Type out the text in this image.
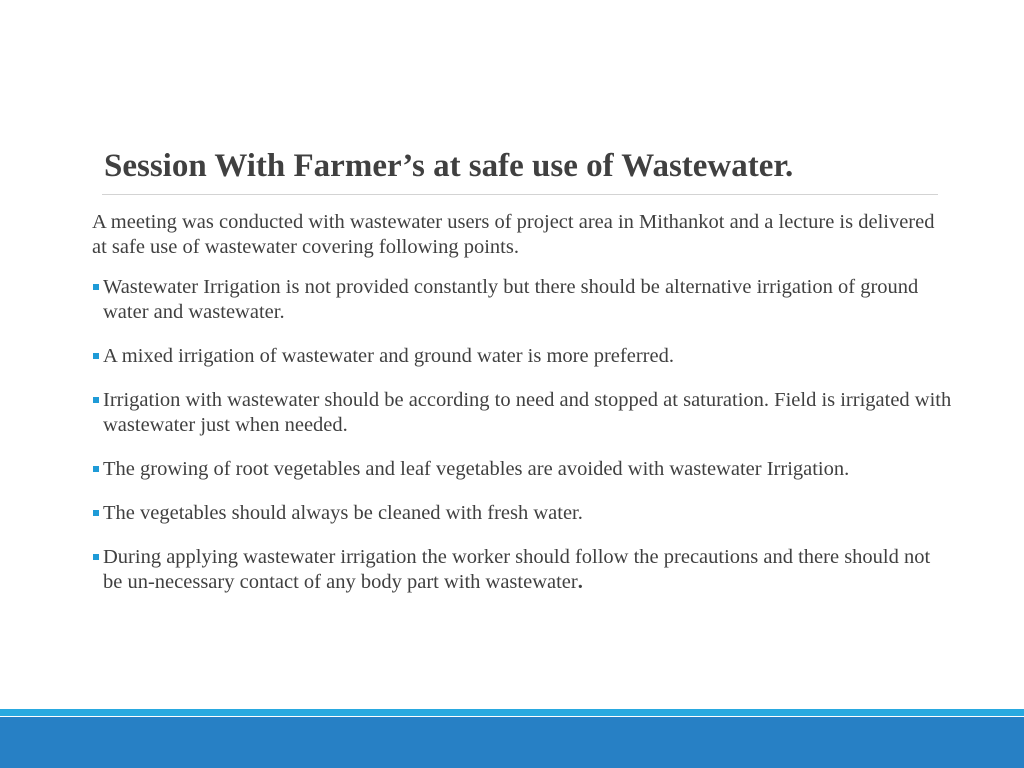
Session With Farmer’s at safe use of Wastewater.

A meeting was conducted with wastewater users of project area in Mithankot and a lecture is delivered at safe use of wastewater covering following points.

Wastewater Irrigation is not provided constantly but there should be alternative irrigation of ground water and wastewater.
A mixed irrigation of wastewater and ground water is more preferred.
Irrigation with wastewater should be according to need and stopped at saturation. Field is irrigated with wastewater just when needed.
The growing of root vegetables and leaf vegetables are avoided with wastewater Irrigation.
The vegetables should always be cleaned with fresh water.
During applying wastewater irrigation the worker should follow the precautions and there should not be un-necessary contact of any body part with wastewater.
